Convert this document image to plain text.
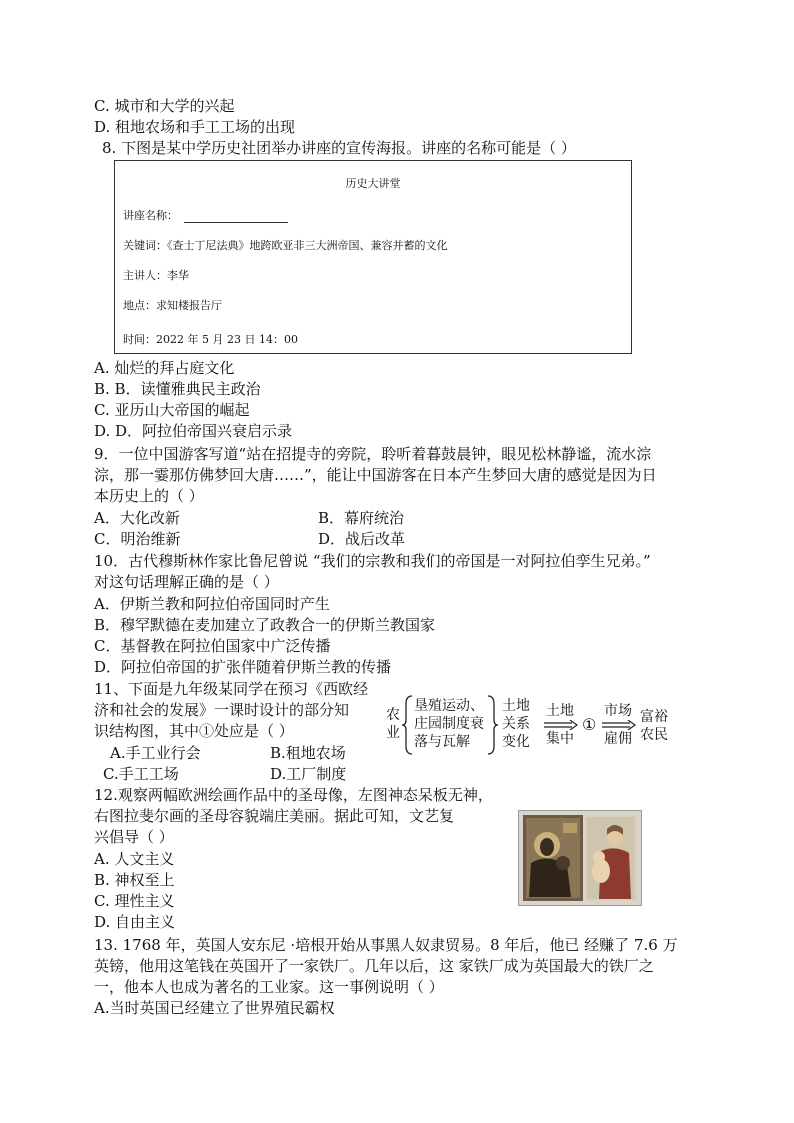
C. 城市和大学的兴起
D. 租地农场和手工工场的出现
8. 下图是某中学历史社团举办讲座的宣传海报。讲座的名称可能是（ ）
历史大讲堂
讲座名称：
关键词：《查士丁尼法典》地跨欧亚非三大洲帝国、兼容并蓄的文化
主讲人：李华
地点：求知楼报告厅
时间：2022 年 5 月 23 日 14：00
A. 灿烂的拜占庭文化
B. B．读懂雅典民主政治
C. 亚历山大帝国的崛起
D. D．阿拉伯帝国兴衰启示录
9．一位中国游客写道“站在招提寺的旁院，聆听着暮鼓晨钟，眼见松林静谧，流水淙
淙，那一霎那仿佛梦回大唐……”，能让中国游客在日本产生梦回大唐的感觉是因为日
本历史上的（ ）
A．大化改新	B．幕府统治
C．明治维新	D．战后改革
10．古代穆斯林作家比鲁尼曾说 “我们的宗教和我们的帝国是一对阿拉伯孪生兄弟。”
对这句话理解正确的是（ ）
A．伊斯兰教和阿拉伯帝国同时产生
B．穆罕默德在麦加建立了政教合一的伊斯兰教国家
C．基督教在阿拉伯国家中广泛传播
D．阿拉伯帝国的扩张伴随着伊斯兰教的传播
11、下面是九年级某同学在预习《西欧经
济和社会的发展》一课时设计的部分知
识结构图，其中①处应是（ ）
A.手工业行会	B.租地农场
C.手工工场	D.工厂制度
农
业
垦殖运动、
庄园制度衰
落与瓦解
土地
关系
变化
土地
集中
①
市场
雇佣
富裕
农民
12.观察两幅欧洲绘画作品中的圣母像，左图神态呆板无神，
右图拉斐尔画的圣母容貌端庄美丽。据此可知，文艺复
兴倡导（ ）
A. 人文主义
B. 神权至上
C. 理性主义
D. 自由主义
13. 1768 年，英国人安东尼 ·培根开始从事黑人奴隶贸易。8 年后，他已 经赚了 7.6 万
英镑，他用这笔钱在英国开了一家铁厂。几年以后，这 家铁厂成为英国最大的铁厂之
一，他本人也成为著名的工业家。这一事例说明（ ）
A.当时英国已经建立了世界殖民霸权
